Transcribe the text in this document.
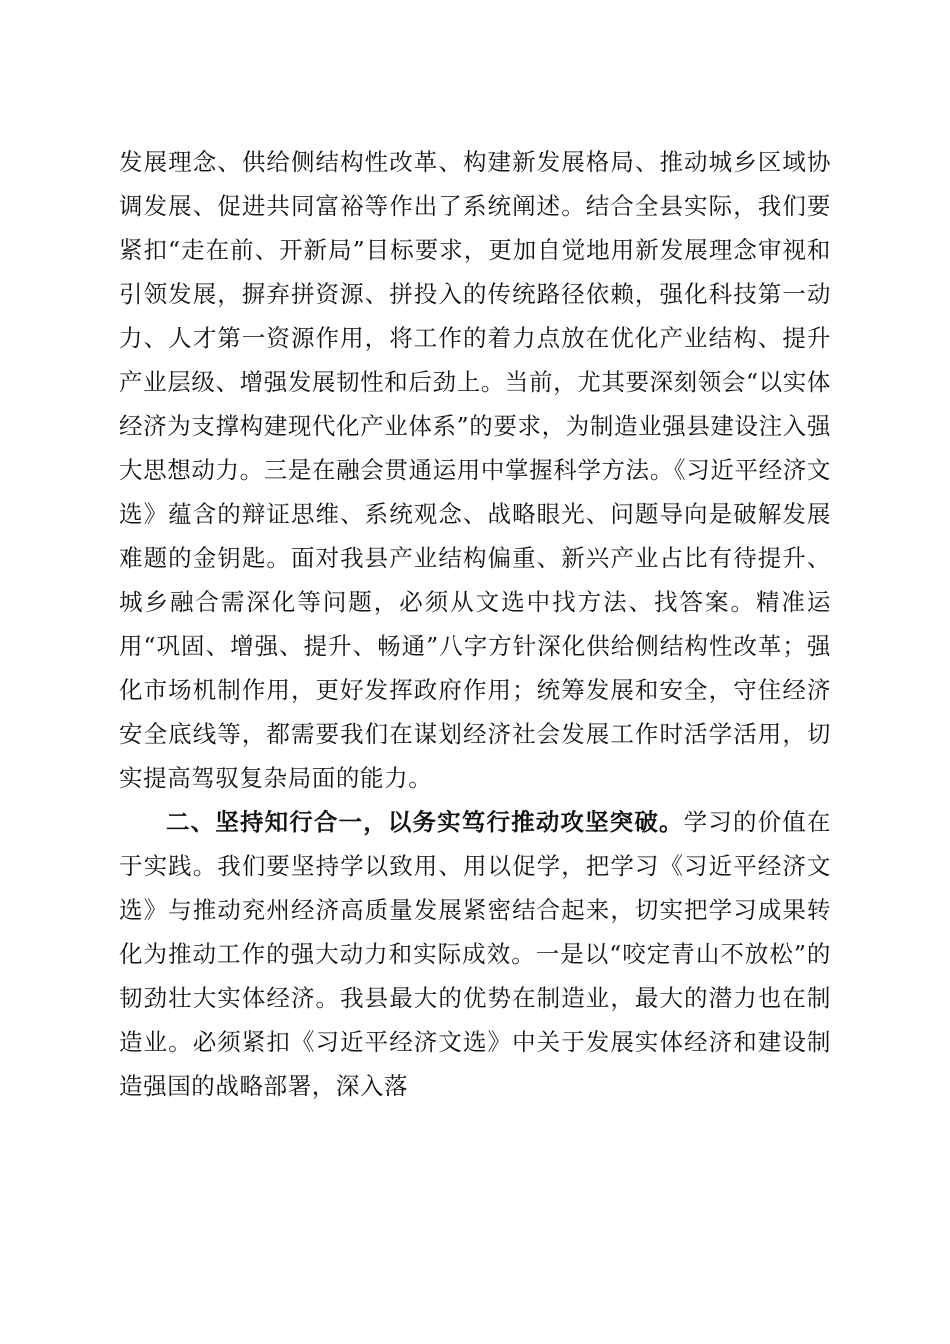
发展理念、供给侧结构性改革、构建新发展格局、推动城乡区域协调发展、促进共同富裕等作出了系统阐述。结合全县实际，我们要紧扣“走在前、开新局”目标要求，更加自觉地用新发展理念审视和引领发展，摒弃拼资源、拼投入的传统路径依赖，强化科技第一动力、人才第一资源作用，将工作的着力点放在优化产业结构、提升产业层级、增强发展韧性和后劲上。当前，尤其要深刻领会“以实体经济为支撑构建现代化产业体系”的要求，为制造业强县建设注入强大思想动力。三是在融会贯通运用中掌握科学方法。《习近平经济文选》蕴含的辩证思维、系统观念、战略眼光、问题导向是破解发展难题的金钥匙。面对我县产业结构偏重、新兴产业占比有待提升、城乡融合需深化等问题，必须从文选中找方法、找答案。精准运用“巩固、增强、提升、畅通”八字方针深化供给侧结构性改革；强化市场机制作用，更好发挥政府作用；统筹发展和安全，守住经济安全底线等，都需要我们在谋划经济社会发展工作时活学活用，切实提高驾驭复杂局面的能力。

二、坚持知行合一，以务实笃行推动攻坚突破。学习的价值在于实践。我们要坚持学以致用、用以促学，把学习《习近平经济文选》与推动兖州经济高质量发展紧密结合起来，切实把学习成果转化为推动工作的强大动力和实际成效。一是以“咬定青山不放松”的韧劲壮大实体经济。我县最大的优势在制造业，最大的潜力也在制造业。必须紧扣《习近平经济文选》中关于发展实体经济和建设制造强国的战略部署，深入落
